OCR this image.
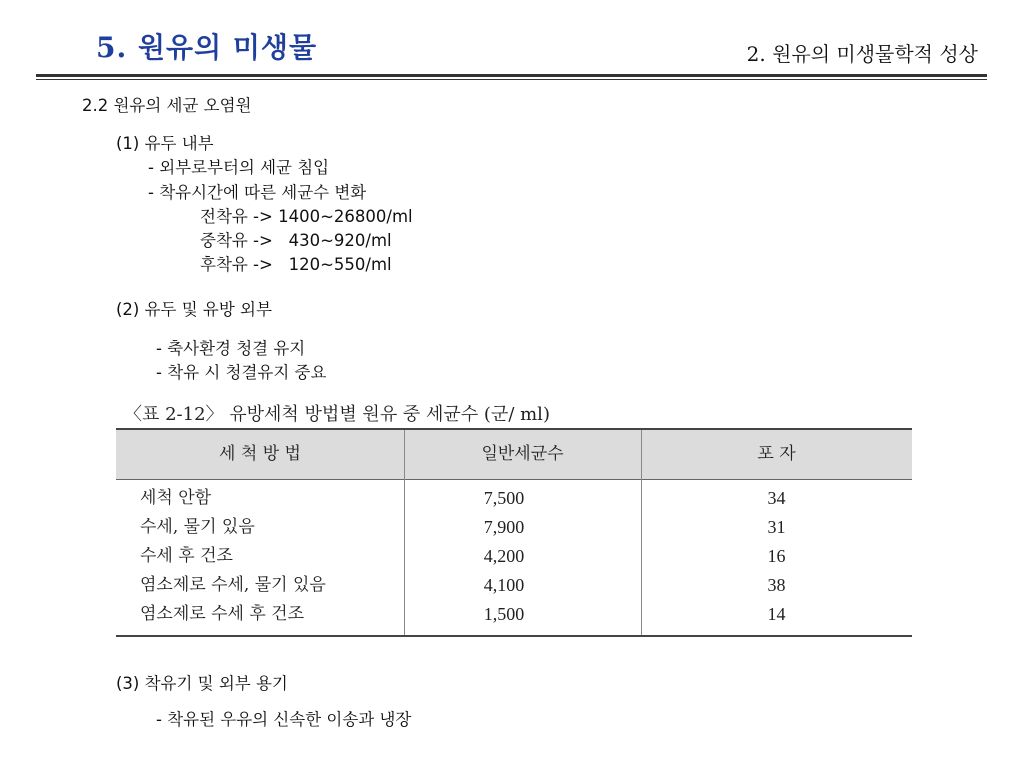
5. 원유의 미생물	2. 원유의 미생물학적 성상
2.2 원유의 세균 오염원
(1) 유두 내부
- 외부로부터의 세균 침입
- 착유시간에 따른 세균수 변화
전착유 -> 1400~26800/ml
중착유 ->   430~920/ml
후착유 ->   120~550/ml
(2) 유두 및 유방 외부
- 축사환경 청결 유지
- 착유 시 청결유지 중요
〈표 2-12〉 유방세척 방법별 원유 중 세균수 (군/ ml)
세 척 방 법	일반세균수	포 자
세척 안함	7,500	34
수세, 물기 있음	7,900	31
수세 후 건조	4,200	16
염소제로 수세, 물기 있음	4,100	38
염소제로 수세 후 건조	1,500	14
(3) 착유기 및 외부 용기
- 착유된 우유의 신속한 이송과 냉장
